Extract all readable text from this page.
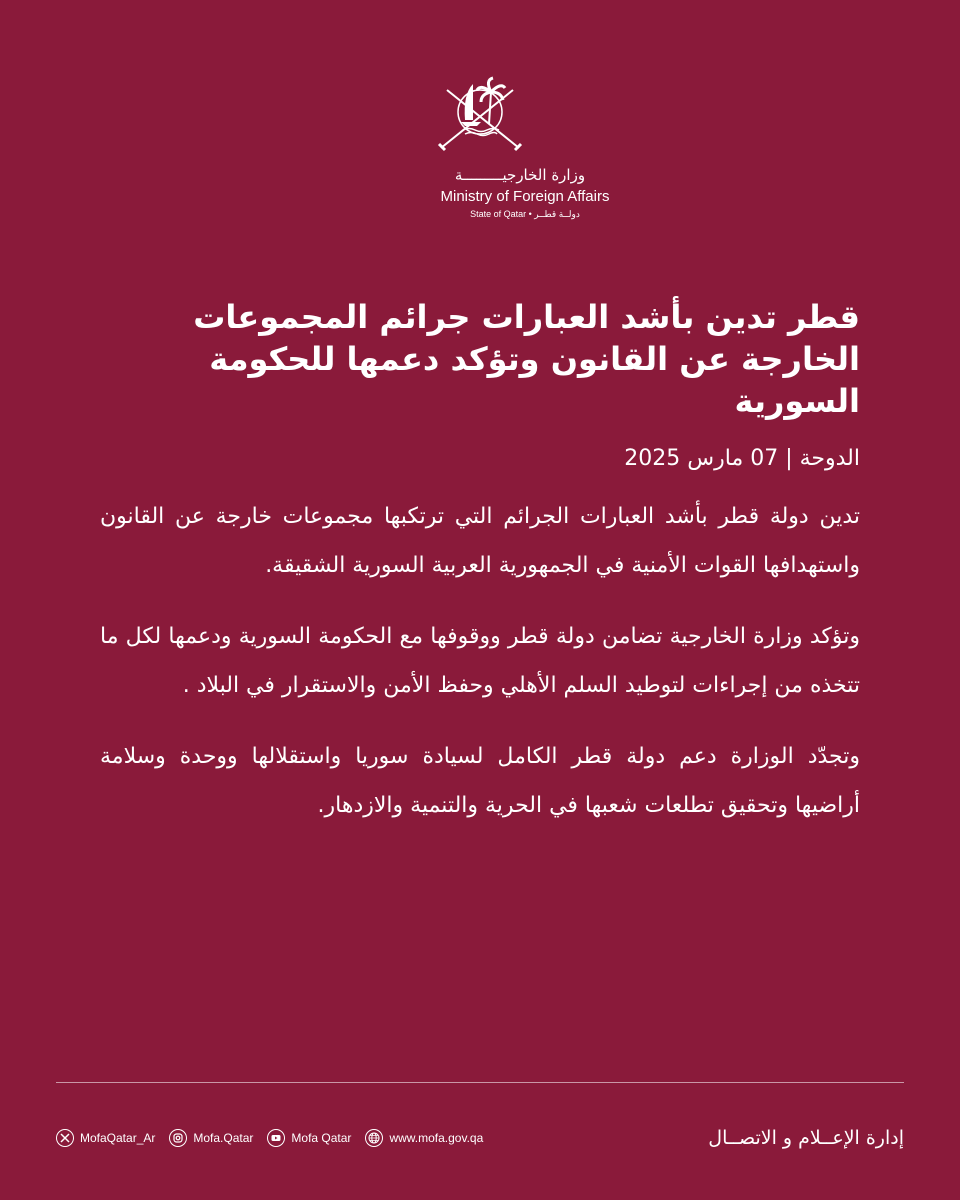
وزارة الخارجيـــــــــة
Ministry of Foreign Affairs
State of Qatar • دولــة قطــر
قطر تدين بأشد العبارات جرائم المجموعات
الخارجة عن القانون وتؤكد دعمها للحكومة السورية
الدوحة | 07 مارس 2025

تدين دولة قطر بأشد العبارات الجرائم التي ترتكبها مجموعات خارجة عن القانون واستهدافها القوات الأمنية في الجمهورية العربية السورية الشقيقة.

وتؤكد وزارة الخارجية تضامن دولة قطر ووقوفها مع الحكومة السورية ودعمها لكل ما تتخذه من إجراءات لتوطيد السلم الأهلي وحفظ الأمن والاستقرار في البلاد .

وتجدّد الوزارة دعم دولة قطر الكامل لسيادة سوريا واستقلالها ووحدة وسلامة أراضيها وتحقيق تطلعات شعبها في الحرية والتنمية والازدهار.

MofaQatar_Ar	Mofa.Qatar	Mofa Qatar	www.mofa.gov.qa	إدارة الإعــلام و الاتصــال
